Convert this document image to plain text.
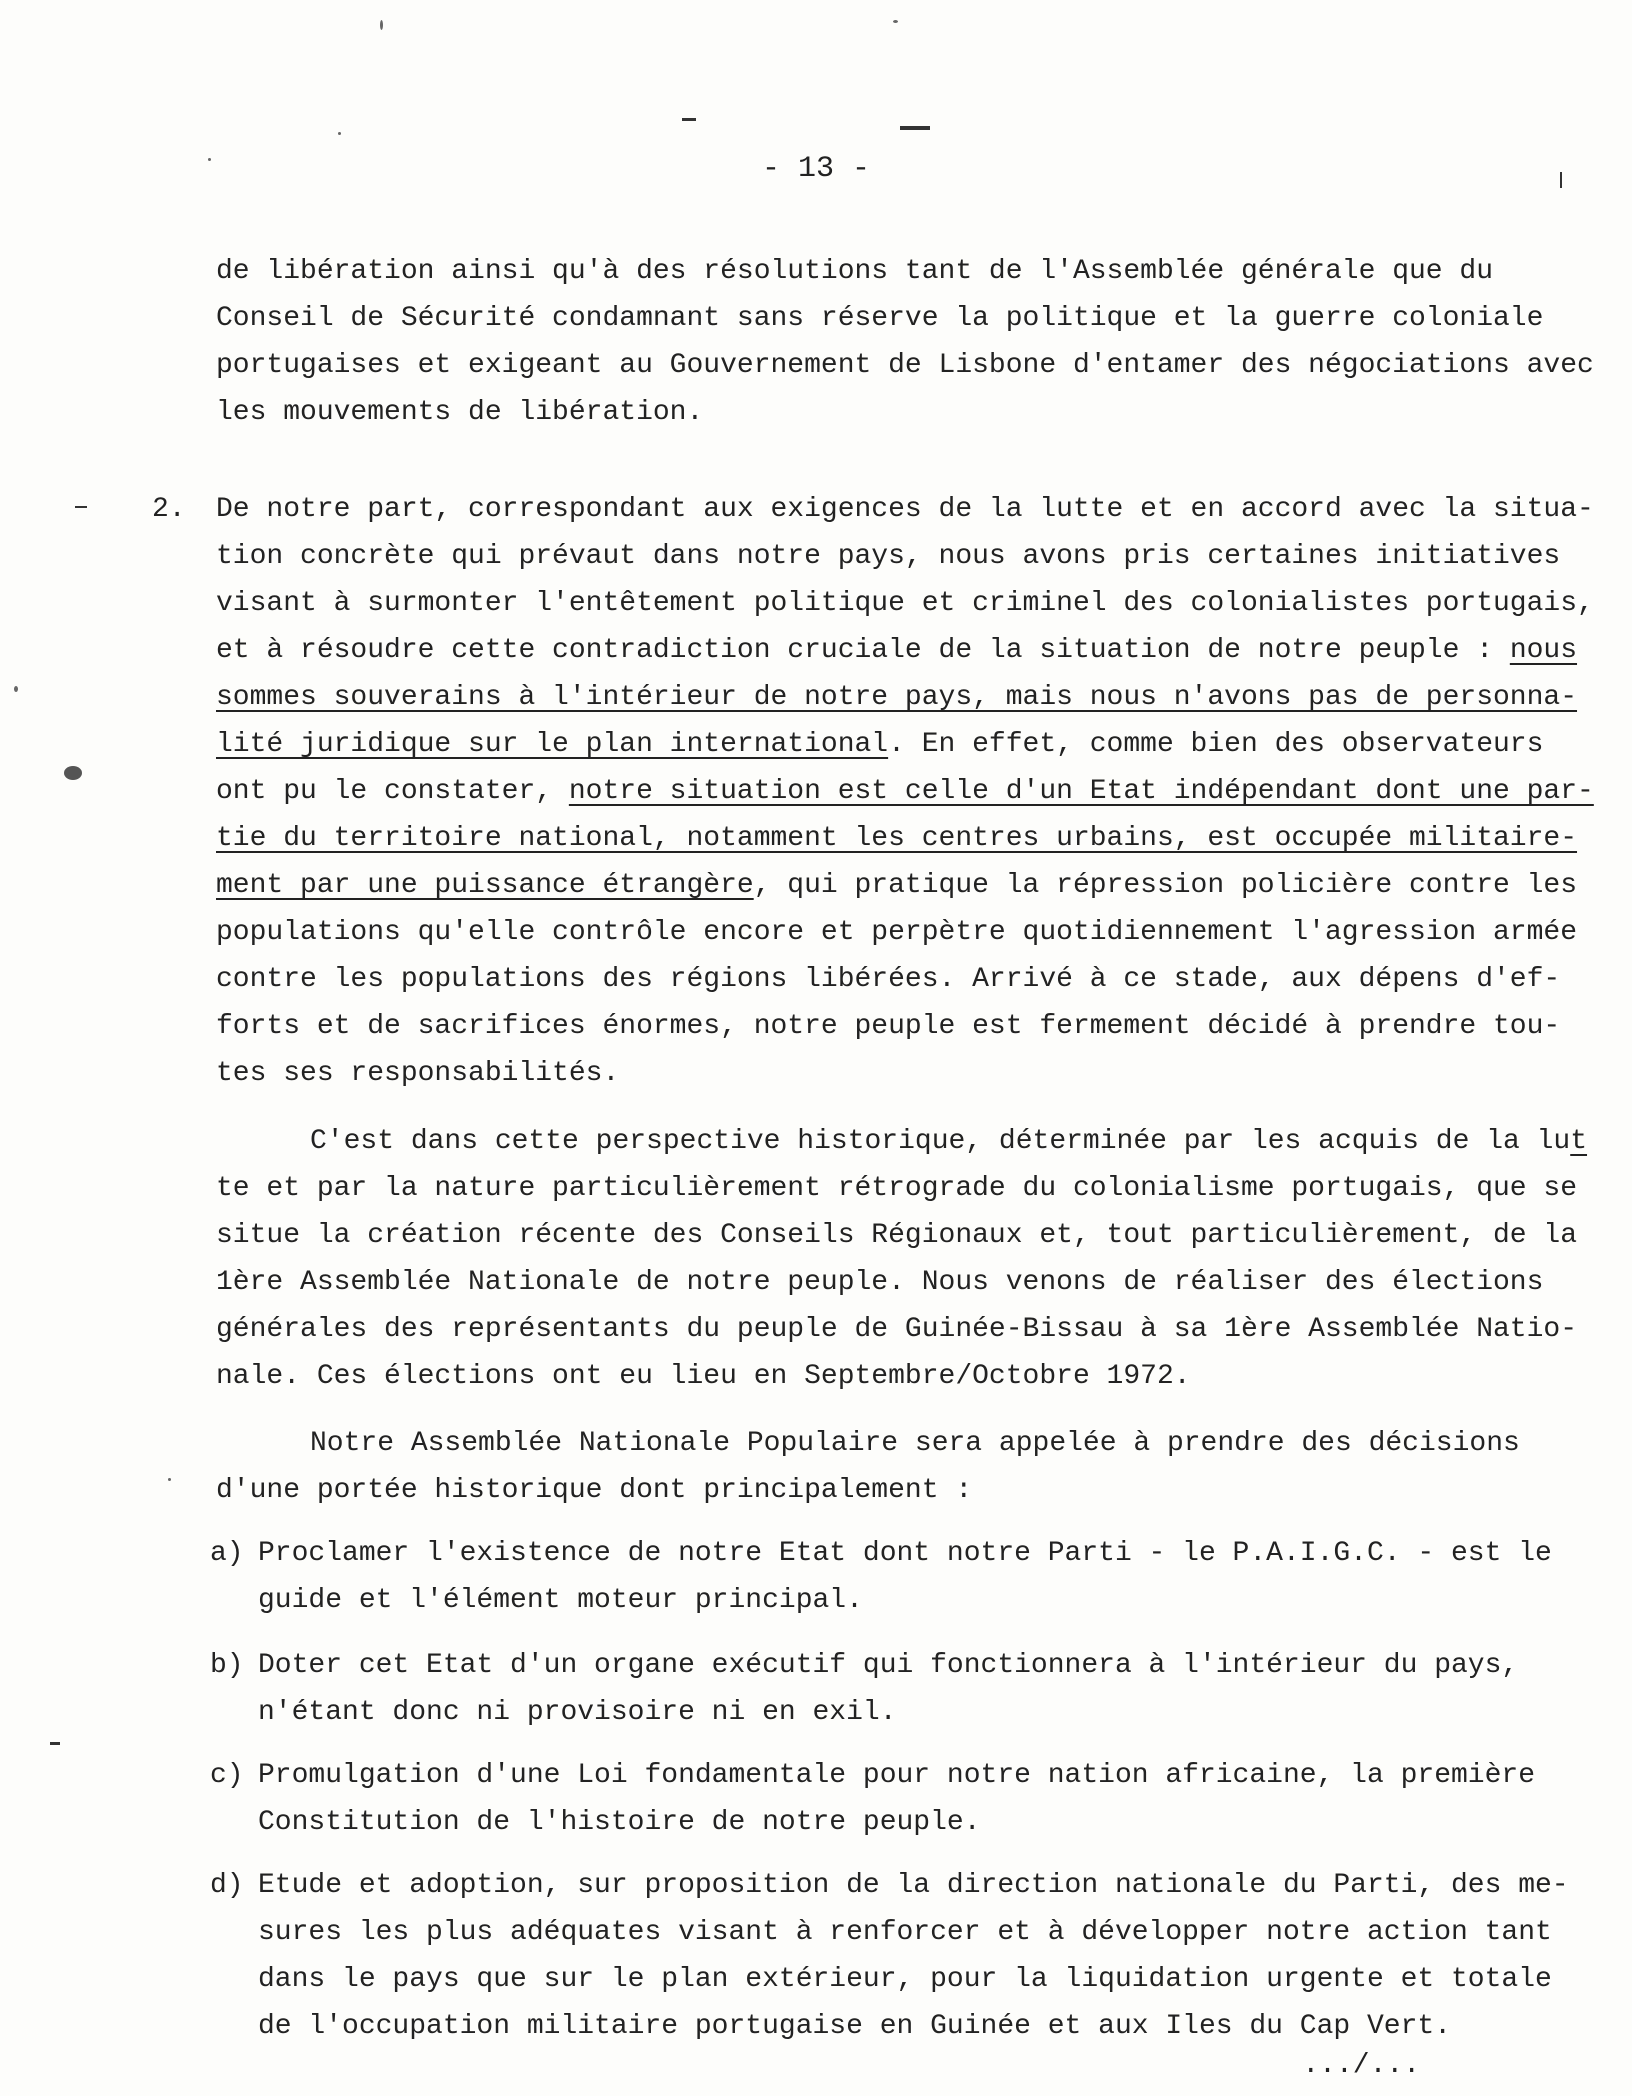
- 13 -

de libération ainsi qu'à des résolutions tant de l'Assemblée générale que du

Conseil de Sécurité condamnant sans réserve la politique et la guerre coloniale

portugaises et exigeant au Gouvernement de Lisbone d'entamer des négociations avec

les mouvements de libération.

2. De notre part, correspondant aux exigences de la lutte et en accord avec la situa-

tion concrète qui prévaut dans notre pays, nous avons pris certaines initiatives

visant à surmonter l'entêtement politique et criminel des colonialistes portugais,

et à résoudre cette contradiction cruciale de la situation de notre peuple : nous

sommes souverains à l'intérieur de notre pays, mais nous n'avons pas de personna-

lité juridique sur le plan international. En effet, comme bien des observateurs

ont pu le constater, notre situation est celle d'un Etat indépendant dont une par-

tie du territoire national, notamment les centres urbains, est occupée militaire-

ment par une puissance étrangère, qui pratique la répression policière contre les

populations qu'elle contrôle encore et perpètre quotidiennement l'agression armée

contre les populations des régions libérées. Arrivé à ce stade, aux dépens d'ef-

forts et de sacrifices énormes, notre peuple est fermement décidé à prendre tou-

tes ses responsabilités.

C'est dans cette perspective historique, déterminée par les acquis de la lut

te et par la nature particulièrement rétrograde du colonialisme portugais, que se

situe la création récente des Conseils Régionaux et, tout particulièrement, de la

1ère Assemblée Nationale de notre peuple. Nous venons de réaliser des élections

générales des représentants du peuple de Guinée-Bissau à sa 1ère Assemblée Natio-

nale. Ces élections ont eu lieu en Septembre/Octobre 1972.

Notre Assemblée Nationale Populaire sera appelée à prendre des décisions

d'une portée historique dont principalement :

a) Proclamer l'existence de notre Etat dont notre Parti - le P.A.I.G.C. - est le

guide et l'élément moteur principal.

b) Doter cet Etat d'un organe exécutif qui fonctionnera à l'intérieur du pays,

n'étant donc ni provisoire ni en exil.

c) Promulgation d'une Loi fondamentale pour notre nation africaine, la première

Constitution de l'histoire de notre peuple.

d) Etude et adoption, sur proposition de la direction nationale du Parti, des me-

sures les plus adéquates visant à renforcer et à développer notre action tant

dans le pays que sur le plan extérieur, pour la liquidation urgente et totale

de l'occupation militaire portugaise en Guinée et aux Iles du Cap Vert.

.../...
